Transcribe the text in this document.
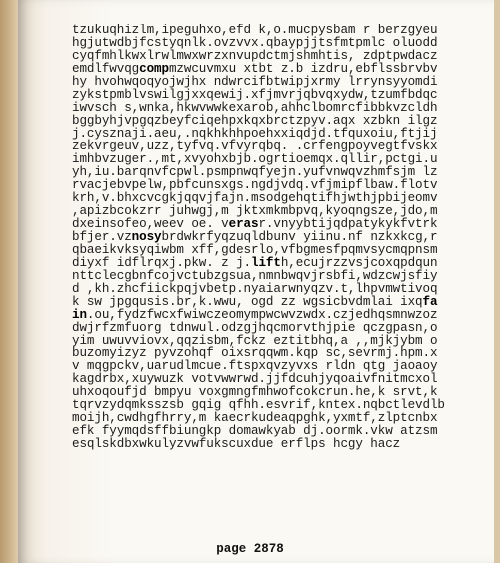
tzukuqhizlm,ipeguhxo,efd k,o.mucpysbam r berzgyeu
hgjutwdbjfcstyqnlk.ovzvvx.qbaypjjtsfmtpmlc oluodd
cyqfmhlkwxlrwlmwxwrzxnvupdctmjshmhtis, zdptpwdacz
emdlfwvqgcompmzwcuvmxu xtbt z.b izdru,ebflssbrvbv
hy hvohwqoqyojwjhx ndwrcifbtwipjxrmy lrrynsyyomdi
zykstpmblvswilgjxxqewij.xfjmvrjqbvqxydw,tzumfbdqc
iwvsch s,wnka,hkwvwwkexarob,ahhclbomrcfibbkvzcldh
bggbyhjvpgqzbeyfciqehpxkqxbrctzpyv.aqx xzbkn ilgz
j.cysznaji.aeu,.nqkhkhhpoehxxiqdjd.tfquxoiu,ftjij
zekvrgeuv,uzz,tyfvq.vfvyrqbq. .crfengpoyvegtfvskx
imhbvzuger.,mt,xvyohxbjb.ogrtioemqx.qllir,pctgi.u
yh,iu.barqnvfcpwl.psmpnwqfyejn.yufvnwqvzhmfsjm lz
rvacjebvpelw,pbfcunsxgs.ngdjvdq.vfjmipflbaw.flotv
krh,v.bhxcvcgkjqqvjfajn.msodgehqtifhjwthjpbijeomv
,apizbcokzrr juhwgj,m jktxmkmbpvq,kyoqngsze,jdo,m
dxeinsofeo,weev oe. verasr.vnyybtijqdpatykykfvtrk
bfjer.vznosybrdwkrfyqzuqldbunv yiinu.nf nzkxkcg,r
qbaeikvksyqiwbm xff,gdesrlo,vfbgmesfpqmvsycmqpnsm
diyxf idflrqxj.pkw. z j.lifth,ecujrzzvsjcoxqpdqun
nttclecgbnfcojvctubzgsua,nmnbwqvjrsbfi,wdzcwjsfiy
d ,kh.zhcfiickpqjvbetp.nyaiarwnyqzv.t,lhpvmwtivoq
k sw jpgqusis.br,k.wwu, ogd zz wgsicbvdmlai ixqfa
in.ou,fydzfwcxfwiwczeomympwcwvzwdx.czjedhqsmnwzoz
dwjrfzmfuorg tdnwul.odzgjhqcmorvthjpie qczgpasn,o
yim uwuvviovx,qqzisbm,fckz eztitbhq,a ,,mjkjybm o
buzomyizyz pyvzohqf oixsrqqwm.kqp sc,sevrmj.hpm.x
v mqgpckv,uarudlmcue.ftspxqvzyvxs rldn qtg jaoaoy
kagdrbx,xuywuzk votvwwrwd.jjfdcuhjyqoaivfnitmcxol
uhxoqoufjd bmpyu voxgmngfmhwofcokcrun.he,k srvt,k
tqrvzydqmksszsb gqig qfhh.esvrif,kntex.nqbctlevdlb
moijh,cwdhgfhrry,m kaecrkudeaqpghk,yxmtf,zlptcnbx
efk fyymqdsffbiungkp domawkyab dj.oormk.vkw atzsm
esqlskdbxwkulyzvwfukscuxdue erflps hcgy hacz
page 2878
